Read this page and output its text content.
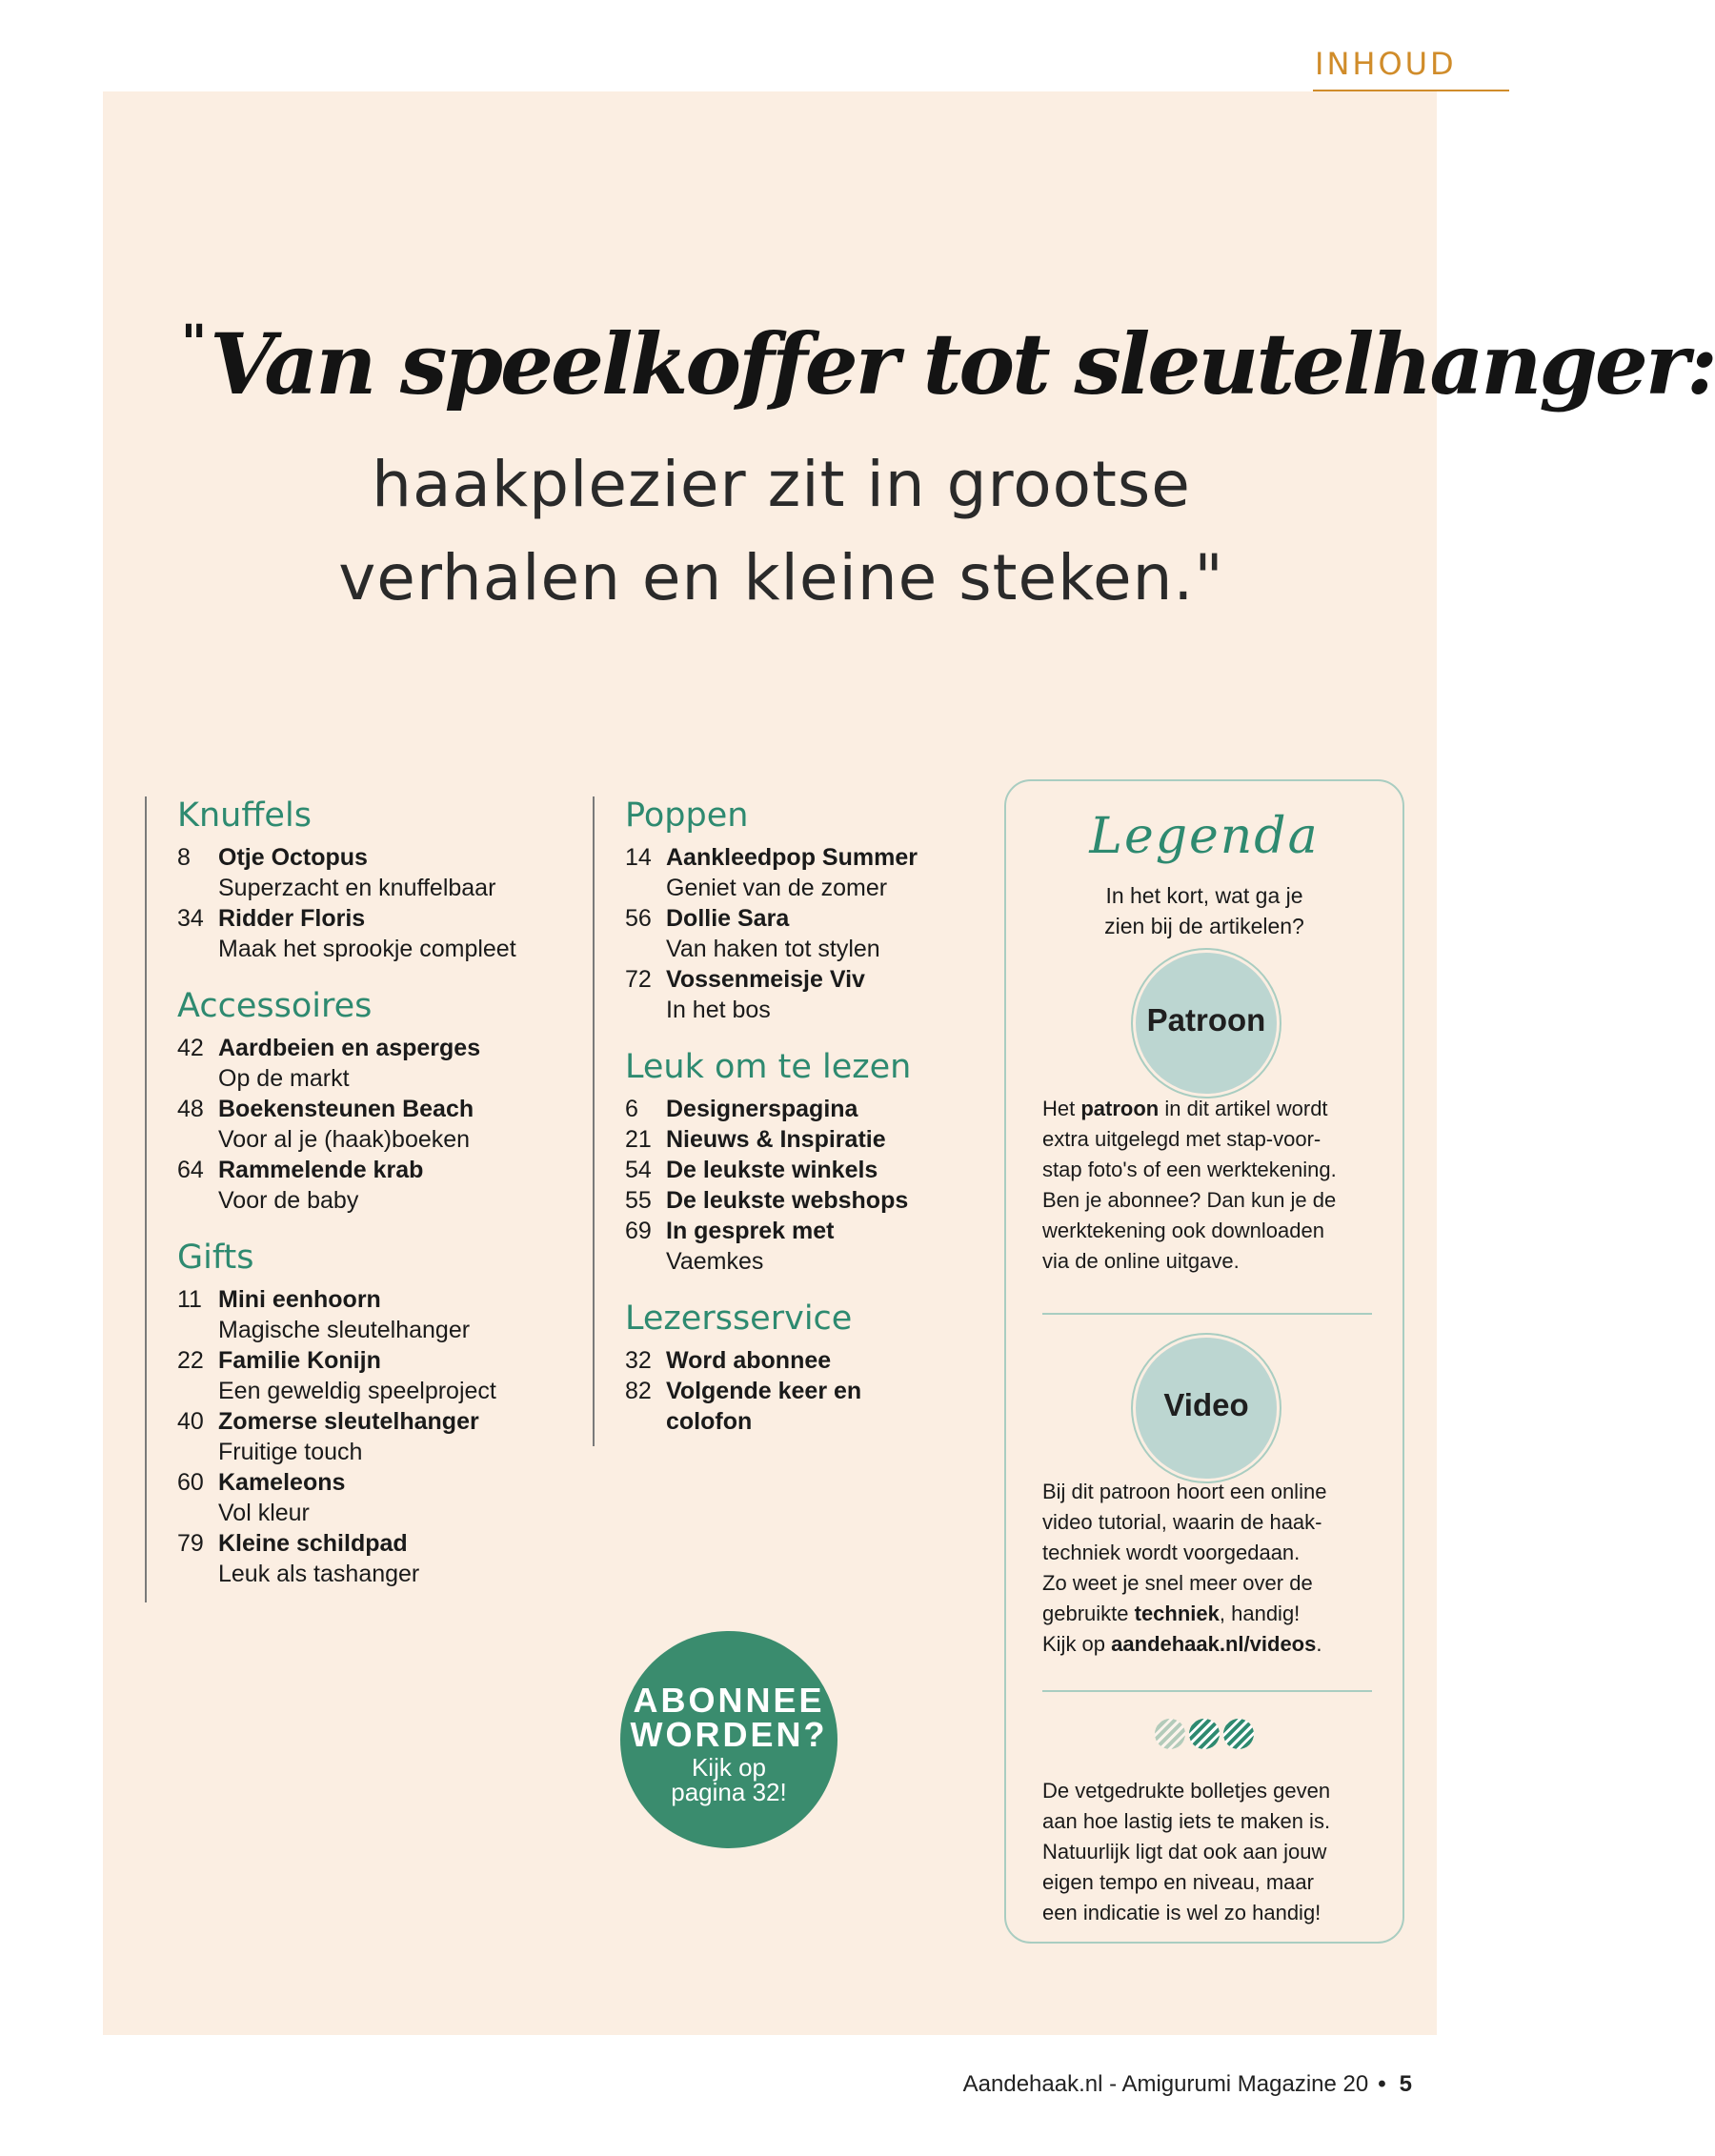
INHOUD
"Van speelkoffer tot sleutelhanger:
haakplezier zit in grootse
verhalen en kleine steken."
Knuffels
8	Otje Octopus
Superzacht en knuffelbaar
34 Ridder Floris
Maak het sprookje compleet
Accessoires
42 Aardbeien en asperges
Op de markt
48 Boekensteunen Beach
Voor al je (haak)boeken
64 Rammelende krab
Voor de baby
Gifts
11 Mini eenhoorn
Magische sleutelhanger
22 Familie Konijn
Een geweldig speelproject
40 Zomerse sleutelhanger
Fruitige touch
60 Kameleons
Vol kleur
79 Kleine schildpad
Leuk als tashanger
Poppen
14 Aankleedpop Summer
Geniet van de zomer
56 Dollie Sara
Van haken tot stylen
72 Vossenmeisje Viv
In het bos
Leuk om te lezen
6	Designerspagina
21 Nieuws & Inspiratie
54 De leukste winkels
55 De leukste webshops
69 In gesprek met
Vaemkes
Lezersservice
32 Word abonnee
82 Volgende keer en
colofon
ABONNEE
WORDEN?
Kijk op
pagina 32!
Legenda
In het kort, wat ga je
zien bij de artikelen?
Patroon
Het patroon in dit artikel wordt
extra uitgelegd met stap-voor-
stap foto's of een werktekening.
Ben je abonnee? Dan kun je de
werktekening ook downloaden
via de online uitgave.
Video
Bij dit patroon hoort een online
video tutorial, waarin de haak-
techniek wordt voorgedaan.
Zo weet je snel meer over de
gebruikte techniek, handig!
Kijk op aandehaak.nl/videos.
De vetgedrukte bolletjes geven
aan hoe lastig iets te maken is.
Natuurlijk ligt dat ook aan jouw
eigen tempo en niveau, maar
een indicatie is wel zo handig!
Aandehaak.nl - Amigurumi Magazine 20 • 5
